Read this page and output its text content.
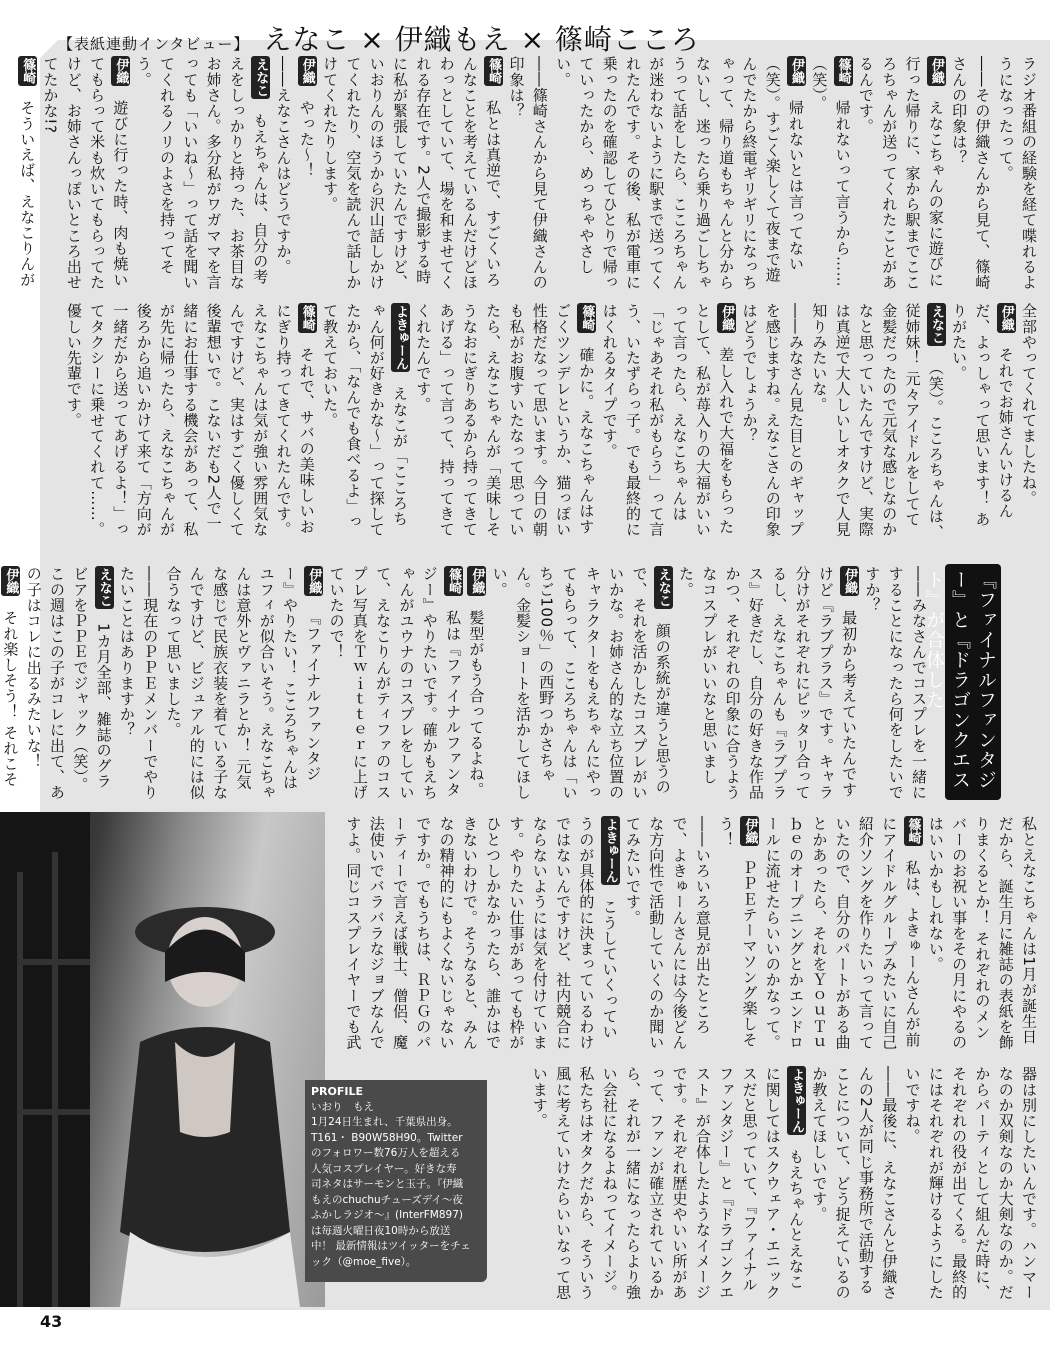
【表紙連動インタビュー】 えなこ × 伊織もえ × 篠崎こころ

ラジオ番組の経験を経て喋れるようになったって。

――その伊織さんから見て、篠崎さんの印象は？

伊織えなこちゃんの家に遊びに行った帰りに、家から駅までこころちゃんが送ってくれたことがあるんです。

篠崎帰れないって言うから……（笑）。

伊織帰れないとは言ってない（笑）。すごく楽しくて夜まで遊んでたから終電ギリギリになっちゃって、帰り道もちゃんと分からないし、迷ったら乗り過ごしちゃうって話をしたら、こころちゃんが迷わないように駅まで送ってくれたんです。その後、私が電車に乗ったのを確認してひとりで帰っていったから、めっちゃやさしい。

――篠崎さんから見て伊織さんの印象は？

篠崎私とは真逆で、すごくいろんなことを考えているんだけどほわっとしていて、場を和ませてくれる存在です。2人で撮影する時に私が緊張していたんですけど、いおりんのほうから沢山話しかけてくれたり、空気を読んで話しかけてくれたりします。

伊織やった～！

――えなこさんはどうですか。

えなこもえちゃんは、自分の考えをしっかりと持った、お茶目なお姉さん。多分私がワガママを言っても「いいね～」って話を聞いてくれるノリのよさを持ってそう。

伊織遊びに行った時、肉も焼いてもらって米も炊いてもらってたけど、お姉さんっぽいところ出せてたかな!?

篠崎そういえば、えなこりんが

全部やってくれてましたね。

伊織それでお姉さんいけるんだ、よっしゃって思います！ ありがたい。

えなこ（笑）。こころちゃんは、従姉妹！ 元々アイドルをしてて金髪だったので元気な感じなのかなと思っていたんですけど、実際は真逆で大人しいしオタクで人見知りみたいな。

――みなさん見た目とのギャップを感じますね。えなこさんの印象はどうでしょうか？

伊織差し入れで大福をもらったとして、私が苺入りの大福がいいって言ったら、えなこちゃんは「じゃあそれ私がもらう」って言う、いたずらっ子。でも最終的にはくれるタイプです。

篠崎確かに。えなこちゃんはすごくツンデレというか、猫っぽい性格だなって思います。今日の朝も私がお腹すいたなって思っていたら、えなこちゃんが「美味しそうなおにぎりあるから持ってきてあげる」って言って、持ってきてくれたんです。

よきゅーんえなこが「こころちゃん何が好きかな～」って探してたから、「なんでも食べるよ」って教えておいた。

篠崎それで、サバの美味しいおにぎり持ってきてくれたんです。えなこちゃんは気が強い雰囲気なんですけど、実はすごく優しくて後輩想いで。こないだも2人で一緒にお仕事する機会があって、私が先に帰ったら、えなこちゃんが後ろから追いかけて来て「方向が一緒だから送ってあげるよ！」ってタクシーに乗せてくれて……。優しい先輩です。

――みなさんでコスプレを一緒にすることになったら何をしたいですか？

伊織最初から考えていたんですけど『ラブプラス』です。キャラ分けがそれぞれにピッタリ合ってるし、えなこちゃんも『ラブプラス』好きだし、自分の好きな作品かつ、それぞれの印象に合うようなコスプレがいいなと思いました。

えなこ顔の系統が違うと思うので、それを活かしたコスプレがいいかな。お姉さん的な立ち位置のキャラクターをもえちゃんにやってもらって、こころちゃんは「いちご100％」の西野つかさちゃん。金髪ショートを活かしてほしい。

伊織髪型がもう合ってるよね。

篠崎私は『ファイナルファンタジー』やりたいです。確かもえちゃんがユウナのコスプレをしていて、えなこりんがティファのコスプレ写真をＴｗｉｔｔｅｒに上げていたので！

伊織『ファイナルファンタジー』やりたい！ こころちゃんはユフィが似合いそう。えなこちゃんは意外とヴァニラとか！ 元気な感じで民族衣装を着ている子なんですけど、ビジュアル的には似合うなって思いました。

――現在のＰＰＥメンバーでやりたいことはありますか？

えなこ1カ月全部、雑誌のグラビアをＰＰＥでジャック（笑）。この週はこの子がコレに出て、あの子はコレに出るみたいな！

伊織それ楽しそう！ それこそ

私とえなこちゃんは1月が誕生日だから、誕生月に雑誌の表紙を飾りまくるとか！ それぞれのメンバーのお祝い事をその月にやるのはいいかもしれない。

篠崎私は、よきゅーんさんが前にアイドルグループみたいに自己紹介ソングを作りたいって言っていたので、自分のパートがある曲とかあったら、それをＹｏｕＴｕｂｅのオープニングとかエンドロールに流せたらいいのかなって。

伊織ＰＰＥテーマソング楽しそう！

――いろいろ意見が出たところで、よきゅーんさんには今後どんな方向性で活動していくのか聞いてみたいです。

よきゅーんこうしていくっていうのが具体的に決まっているわけではないんですけど、社内競合にならないようには気を付けています。やりたい仕事があっても枠がひとつしかなかったら、誰かはできないわけで。そうなると、みんなの精神的にもよくないじゃないですか。でもうちは、ＲＰＧのパーティーで言えば戦士、僧侶、魔法使いでバラバラなジョブなんですよ。同じコスプレイヤーでも武

器は別にしたいんです。ハンマーなのか双剣なのか大剣なのか。だからパーティとして組んだ時に、それぞれの役が出てくる。最終的にはそれぞれが輝けるようにしたいですね。

――最後に、えなこさんと伊織さんの2人が同じ事務所で活動することについて、どう捉えているのか教えてほしいです。

よきゅーんもえちゃんとえなこに関してはスクウェア・エニックスだと思っていて、『ファイナルファンタジー』と『ドラゴンクエスト』が合体したようなイメージです。それぞれ歴史やいい所があって、ファンが確立されているから、それが一緒になったらより強い会社になるよねってイメージ。私たちはオタクだから、そういう風に考えていけたらいいなって思います。

『ファイナルファンタジー』と『ドラゴンクエスト』が合体した
PROFILE
いおり　もえ
1月24日生まれ、千葉県出身。
T161・ B90W58H90。Twitter
のフォロワー数76万人を超える
人気コスプレイヤー。好きな寿
司ネタはサーモンと玉子。『伊織
もえのchuchuチューズデイ～夜
ふかしラジオ～』(InterFM897)
は毎週火曜日夜10時から放送
中！ 最新情報はツイッターをチェ
ック（@moe_five）。
43
